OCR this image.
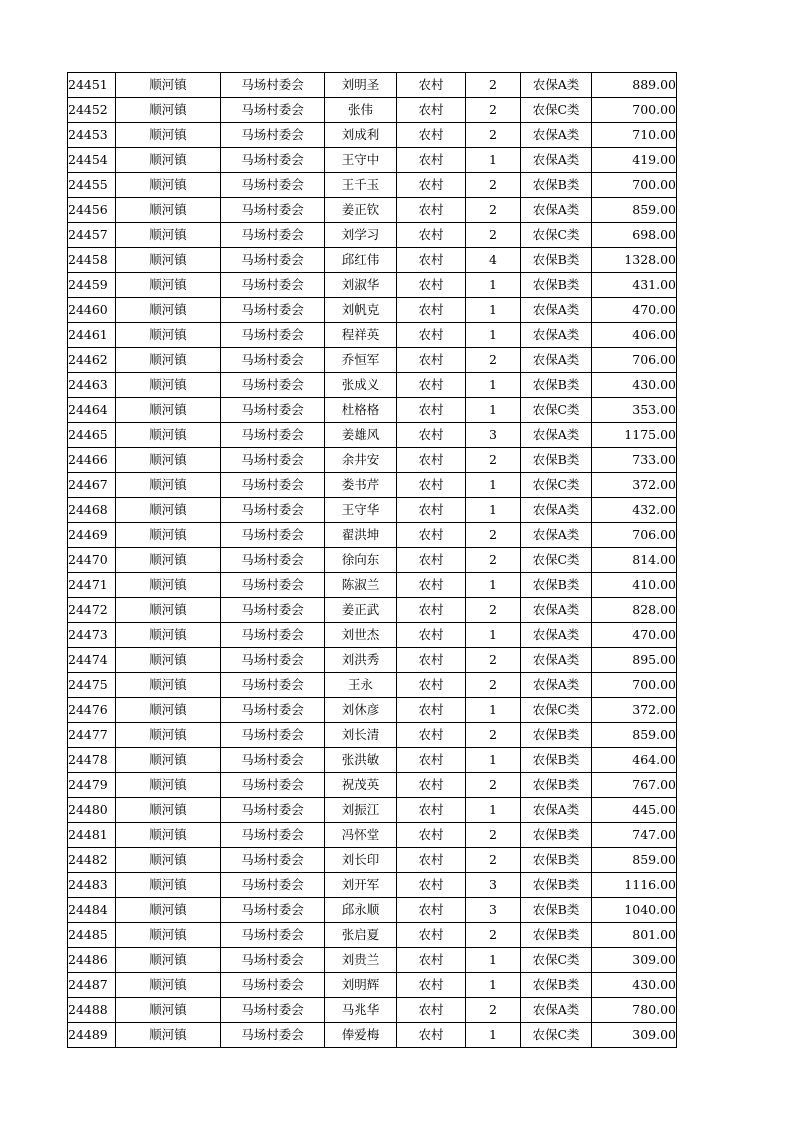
24451	顺河镇	马场村委会	刘明圣	农村	2	农保A类	889.00
24452	顺河镇	马场村委会	张伟	农村	2	农保C类	700.00
24453	顺河镇	马场村委会	刘成利	农村	2	农保A类	710.00
24454	顺河镇	马场村委会	王守中	农村	1	农保A类	419.00
24455	顺河镇	马场村委会	王千玉	农村	2	农保B类	700.00
24456	顺河镇	马场村委会	姜正钦	农村	2	农保A类	859.00
24457	顺河镇	马场村委会	刘学习	农村	2	农保C类	698.00
24458	顺河镇	马场村委会	邱红伟	农村	4	农保B类	1328.00
24459	顺河镇	马场村委会	刘淑华	农村	1	农保B类	431.00
24460	顺河镇	马场村委会	刘帆克	农村	1	农保A类	470.00
24461	顺河镇	马场村委会	程祥英	农村	1	农保A类	406.00
24462	顺河镇	马场村委会	乔恒军	农村	2	农保A类	706.00
24463	顺河镇	马场村委会	张成义	农村	1	农保B类	430.00
24464	顺河镇	马场村委会	杜格格	农村	1	农保C类	353.00
24465	顺河镇	马场村委会	姜雄风	农村	3	农保A类	1175.00
24466	顺河镇	马场村委会	余井安	农村	2	农保B类	733.00
24467	顺河镇	马场村委会	娄书芹	农村	1	农保C类	372.00
24468	顺河镇	马场村委会	王守华	农村	1	农保A类	432.00
24469	顺河镇	马场村委会	翟洪坤	农村	2	农保A类	706.00
24470	顺河镇	马场村委会	徐向东	农村	2	农保C类	814.00
24471	顺河镇	马场村委会	陈淑兰	农村	1	农保B类	410.00
24472	顺河镇	马场村委会	姜正武	农村	2	农保A类	828.00
24473	顺河镇	马场村委会	刘世杰	农村	1	农保A类	470.00
24474	顺河镇	马场村委会	刘洪秀	农村	2	农保A类	895.00
24475	顺河镇	马场村委会	王永	农村	2	农保A类	700.00
24476	顺河镇	马场村委会	刘休彦	农村	1	农保C类	372.00
24477	顺河镇	马场村委会	刘长清	农村	2	农保B类	859.00
24478	顺河镇	马场村委会	张洪敏	农村	1	农保B类	464.00
24479	顺河镇	马场村委会	祝茂英	农村	2	农保B类	767.00
24480	顺河镇	马场村委会	刘振江	农村	1	农保A类	445.00
24481	顺河镇	马场村委会	冯怀堂	农村	2	农保B类	747.00
24482	顺河镇	马场村委会	刘长印	农村	2	农保B类	859.00
24483	顺河镇	马场村委会	刘开军	农村	3	农保B类	1116.00
24484	顺河镇	马场村委会	邱永顺	农村	3	农保B类	1040.00
24485	顺河镇	马场村委会	张启夏	农村	2	农保B类	801.00
24486	顺河镇	马场村委会	刘贵兰	农村	1	农保C类	309.00
24487	顺河镇	马场村委会	刘明辉	农村	1	农保B类	430.00
24488	顺河镇	马场村委会	马兆华	农村	2	农保A类	780.00
24489	顺河镇	马场村委会	俸爱梅	农村	1	农保C类	309.00
